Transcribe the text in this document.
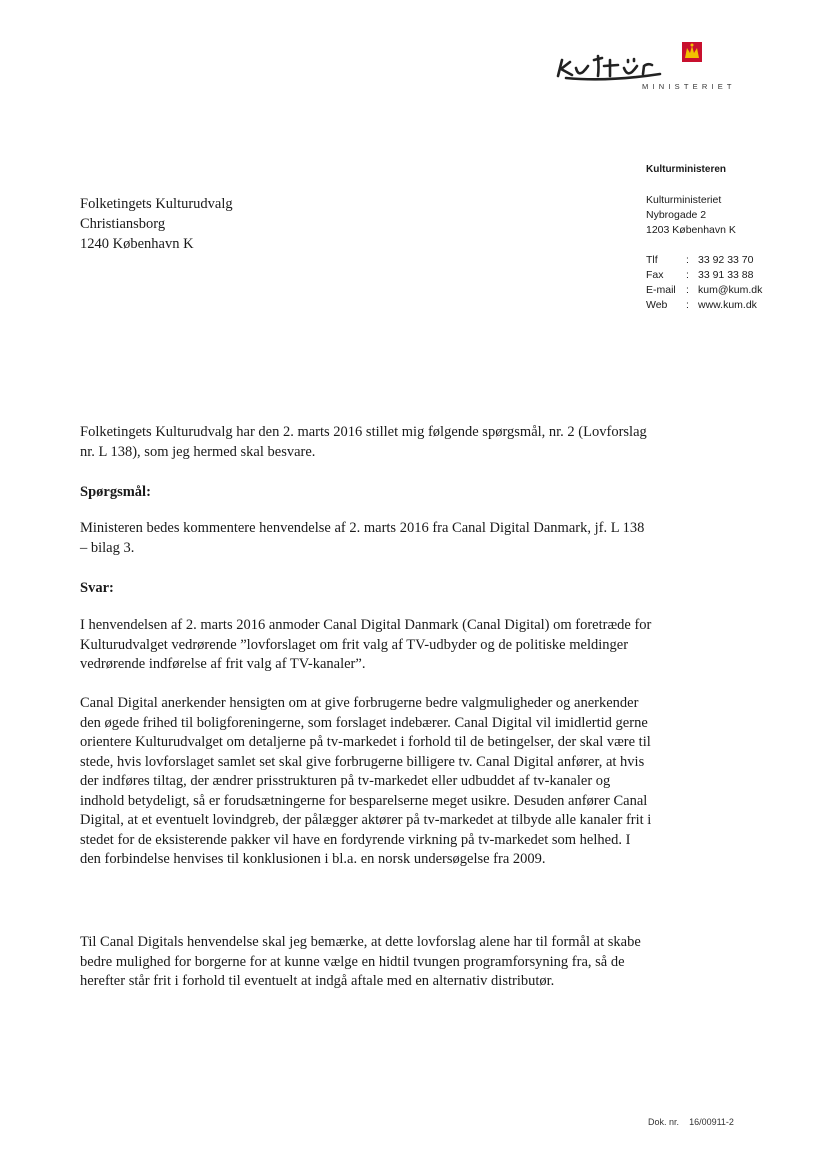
MINISTERIET
Kulturministeren
Kulturministeriet
Nybrogade 2
1203 København K
Tlf	: 33 92 33 70
Fax	: 33 91 33 88
E-mail : kum@kum.dk
Web	: www.kum.dk
Folketingets Kulturudvalg
Christiansborg
1240 København K
Folketingets Kulturudvalg har den 2. marts 2016 stillet mig følgende spørgsmål, nr. 2 (Lovforslag nr. L 138), som jeg hermed skal besvare.
Spørgsmål:
Ministeren bedes kommentere henvendelse af 2. marts 2016 fra Canal Digital Danmark, jf. L 138 – bilag 3.
Svar:
I henvendelsen af 2. marts 2016 anmoder Canal Digital Danmark (Canal Digital) om foretræde for Kulturudvalget vedrørende ”lovforslaget om frit valg af TV-udbyder og de politiske meldinger vedrørende indførelse af frit valg af TV-kanaler”.
Canal Digital anerkender hensigten om at give forbrugerne bedre valgmuligheder og anerkender den øgede frihed til boligforeningerne, som forslaget indebærer. Canal Digital vil imidlertid gerne orientere Kulturudvalget om detaljerne på tv-markedet i forhold til de betingelser, der skal være til stede, hvis lovforslaget samlet set skal give forbrugerne billigere tv. Canal Digital anfører, at hvis der indføres tiltag, der ændrer prisstrukturen på tv-markedet eller udbuddet af tv-kanaler og indhold betydeligt, så er forudsætningerne for besparelserne meget usikre. Desuden anfører Canal Digital, at et eventuelt lovindgreb, der pålægger aktører på tv-markedet at tilbyde alle kanaler frit i stedet for de eksisterende pakker vil have en fordyrende virkning på tv-markedet som helhed. I den forbindelse henvises til konklusionen i bl.a. en norsk undersøgelse fra 2009.
Til Canal Digitals henvendelse skal jeg bemærke, at dette lovforslag alene har til formål at skabe bedre mulighed for borgerne for at kunne vælge en hidtil tvungen programforsyning fra, så de herefter står frit i forhold til eventuelt at indgå aftale med en alternativ distributør.
Dok. nr. 16/00911-2
